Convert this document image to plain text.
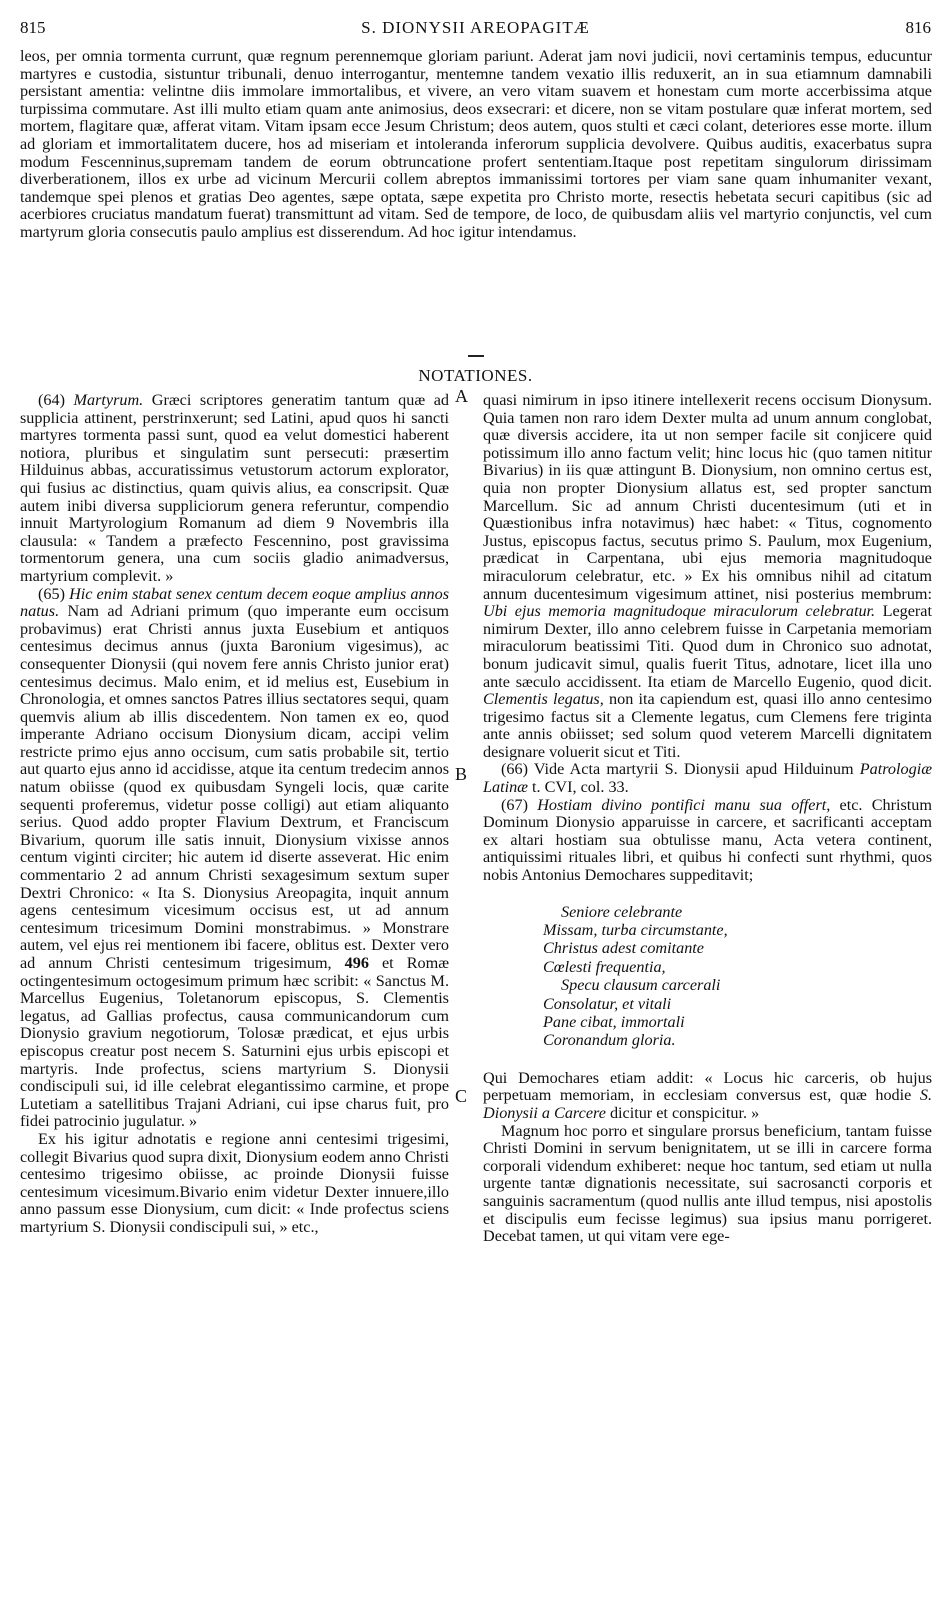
815	S. DIONYSII AREOPAGITÆ	816

leos, per omnia tormenta currunt, quæ regnum perennemque gloriam pariunt. Aderat jam novi judicii, novi certaminis tempus, educuntur martyres e custodia, sistuntur tribunali, denuo interrogantur, mentemne tandem vexatio illis reduxerit, an in sua etiamnum damnabili persistant amentia: velintne diis immolare immortalibus, et vivere, an vero vitam suavem et honestam cum morte accerbissima atque turpissima commutare. Ast illi multo etiam quam ante animosius, deos exsecrari: et dicere, non se vitam postulare quæ inferat mortem, sed mortem, flagitare quæ, afferat vitam. Vitam ipsam ecce Jesum Christum; deos autem, quos stulti et cæci colant, deteriores esse morte. illum ad gloriam et immortalitatem ducere, hos ad miseriam et intoleranda inferorum supplicia devolvere. Quibus auditis, exacerbatus supra modum Fescenninus,supremam tandem de eorum obtruncatione profert sententiam.Itaque post repetitam singulorum dirissimam diverberationem, illos ex urbe ad vicinum Mercurii collem abreptos immanissimi tortores per viam sane quam inhumaniter vexant, tandemque spei plenos et gratias Deo agentes, sæpe optata, sæpe expetita pro Christo morte, resectis hebetata securi capitibus (sic ad acerbiores cruciatus mandatum fuerat) transmittunt ad vitam. Sed de tempore, de loco, de quibusdam aliis vel martyrio conjunctis, vel cum martyrum gloria consecutis paulo amplius est disserendum. Ad hoc igitur intendamus.

NOTATIONES.
A
B
C

(64) Martyrum. Græci scriptores generatim tantum quæ ad supplicia attinent, perstrinxerunt; sed Latini, apud quos hi sancti martyres tormenta passi sunt, quod ea velut domestici haberent notiora, pluribus et singulatim sunt persecuti: præsertim Hilduinus abbas, accuratissimus vetustorum actorum explorator, qui fusius ac distinctius, quam quivis alius, ea conscripsit. Quæ autem inibi diversa suppliciorum genera referuntur, compendio innuit Martyrologium Romanum ad diem 9 Novembris illa clausula: « Tandem a præfecto Fescennino, post gravissima tormentorum genera, una cum sociis gladio animadversus, martyrium complevit. »

(65) Hic enim stabat senex centum decem eoque amplius annos natus. Nam ad Adriani primum (quo imperante eum occisum probavimus) erat Christi annus juxta Eusebium et antiquos centesimus decimus annus (juxta Baronium vigesimus), ac consequenter Dionysii (qui novem fere annis Christo junior erat) centesimus decimus. Malo enim, et id melius est, Eusebium in Chronologia, et omnes sanctos Patres illius sectatores sequi, quam quemvis alium ab illis discedentem. Non tamen ex eo, quod imperante Adriano occisum Dionysium dicam, accipi velim restricte primo ejus anno occisum, cum satis probabile sit, tertio aut quarto ejus anno id accidisse, atque ita centum tredecim annos natum obiisse (quod ex quibusdam Syngeli locis, quæ carite sequenti proferemus, videtur posse colligi) aut etiam aliquanto serius. Quod addo propter Flavium Dextrum, et Franciscum Bivarium, quorum ille satis innuit, Dionysium vixisse annos centum viginti circiter; hic autem id diserte asseverat. Hic enim commentario 2 ad annum Christi sexagesimum sextum super Dextri Chronico: « Ita S. Dionysius Areopagita, inquit annum agens centesimum vicesimum occisus est, ut ad annum centesimum tricesimum Domini monstrabimus. » Monstrare autem, vel ejus rei mentionem ibi facere, oblitus est. Dexter vero ad annum Christi centesimum trigesimum, 496 et Romæ octingentesimum octogesimum primum hæc scribit: « Sanctus M. Marcellus Eugenius, Toletanorum episcopus, S. Clementis legatus, ad Gallias profectus, causa communicandorum cum Dionysio gravium negotiorum, Tolosæ prædicat, et ejus urbis episcopus creatur post necem S. Saturnini ejus urbis episcopi et martyris. Inde profectus, sciens martyrium S. Dionysii condiscipuli sui, id ille celebrat elegantissimo carmine, et prope Lutetiam a satellitibus Trajani Adriani, cui ipse charus fuit, pro fidei patrocinio jugulatur. »

Ex his igitur adnotatis e regione anni centesimi trigesimi, collegit Bivarius quod supra dixit, Dionysium eodem anno Christi centesimo trigesimo obiisse, ac proinde Dionysii fuisse centesimum vicesimum.Bivario enim videtur Dexter innuere,illo anno passum esse Dionysium, cum dicit: « Inde profectus sciens martyrium S. Dionysii condiscipuli sui, » etc.,

quasi nimirum in ipso itinere intellexerit recens occisum Dionysum. Quia tamen non raro idem Dexter multa ad unum annum conglobat, quæ diversis accidere, ita ut non semper facile sit conjicere quid potissimum illo anno factum velit; hinc locus hic (quo tamen nititur Bivarius) in iis quæ attingunt B. Dionysium, non omnino certus est, quia non propter Dionysium allatus est, sed propter sanctum Marcellum. Sic ad annum Christi ducentesimum (uti et in Quæstionibus infra notavimus) hæc habet: « Titus, cognomento Justus, episcopus factus, secutus primo S. Paulum, mox Eugenium, prædicat in Carpentana, ubi ejus memoria magnitudoque miraculorum celebratur, etc. » Ex his omnibus nihil ad citatum annum ducentesimum vigesimum attinet, nisi posterius membrum: Ubi ejus memoria magnitudoque miraculorum celebratur. Legerat nimirum Dexter, illo anno celebrem fuisse in Carpetania memoriam miraculorum beatissimi Titi. Quod dum in Chronico suo adnotat, bonum judicavit simul, qualis fuerit Titus, adnotare, licet illa uno ante sæculo accidissent. Ita etiam de Marcello Eugenio, quod dicit. Clementis legatus, non ita capiendum est, quasi illo anno centesimo trigesimo factus sit a Clemente legatus, cum Clemens fere triginta ante annis obiisset; sed solum quod veterem Marcelli dignitatem designare voluerit sicut et Titi.

(66) Vide Acta martyrii S. Dionysii apud Hilduinum Patrologiæ Latinæ t. CVI, col. 33.

(67) Hostiam divino pontifici manu sua offert, etc. Christum Dominum Dionysio apparuisse in carcere, et sacrificanti acceptam ex altari hostiam sua obtulisse manu, Acta vetera continent, antiquissimi rituales libri, et quibus hi confecti sunt rhythmi, quos nobis Antonius Demochares suppeditavit;

Seniore celebrante
Missam, turba circumstante,
Christus adest comitante
Cœlesti frequentia,
Specu clausum carcerali
Consolatur, et vitali
Pane cibat, immortali
Coronandum gloria.

Qui Demochares etiam addit: « Locus hic carceris, ob hujus perpetuam memoriam, in ecclesiam conversus est, quæ hodie S. Dionysii a Carcere dicitur et conspicitur. »

Magnum hoc porro et singulare prorsus beneficium, tantam fuisse Christi Domini in servum benignitatem, ut se illi in carcere forma corporali videndum exhiberet: neque hoc tantum, sed etiam ut nulla urgente tantæ dignationis necessitate, sui sacrosancti corporis et sanguinis sacramentum (quod nullis ante illud tempus, nisi apostolis et discipulis eum fecisse legimus) sua ipsius manu porrigeret. Decebat tamen, ut qui vitam vere ege-
